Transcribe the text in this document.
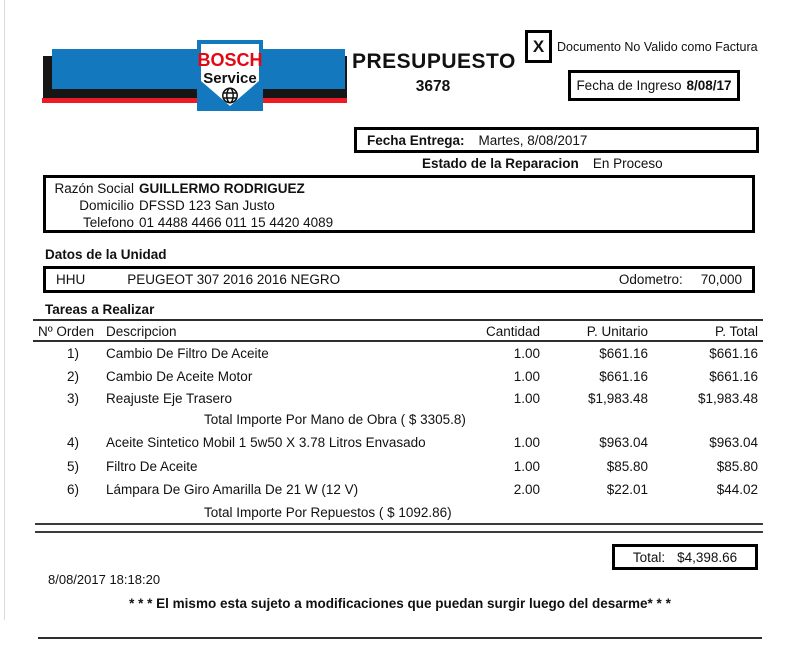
BOSCH
Service
PRESUPUESTO
3678
X Documento No Valido como Factura
Fecha de Ingreso 8/08/17
Fecha Entrega: Martes, 8/08/2017
Estado de la Reparacion En Proceso
Razón Social GUILLERMO RODRIGUEZ
Domicilio DFSSD 123 San Justo
Telefono 01 4488 4466 011 15 4420 4089
Datos de la Unidad
HHU	PEUGEOT 307 2016 2016 NEGRO	Odometro: 70,000
Tareas a Realizar
Nº Orden Descripcion	Cantidad	P. Unitario	P. Total
1) Cambio De Filtro De Aceite	1.00	$661.16	$661.16
2) Cambio De Aceite Motor	1.00	$661.16	$661.16
3) Reajuste Eje Trasero	1.00	$1,983.48	$1,983.48
Total Importe Por Mano de Obra ( $ 3305.8)
4) Aceite Sintetico Mobil 1 5w50 X 3.78 Litros Envasado	1.00	$963.04	$963.04
5) Filtro De Aceite	1.00	$85.80	$85.80
6) Lámpara De Giro Amarilla De 21 W (12 V)	2.00	$22.01	$44.02
Total Importe Por Repuestos ( $ 1092.86)
Total: $4,398.66
8/08/2017 18:18:20
* * * El mismo esta sujeto a modificaciones que puedan surgir luego del desarme* * *
